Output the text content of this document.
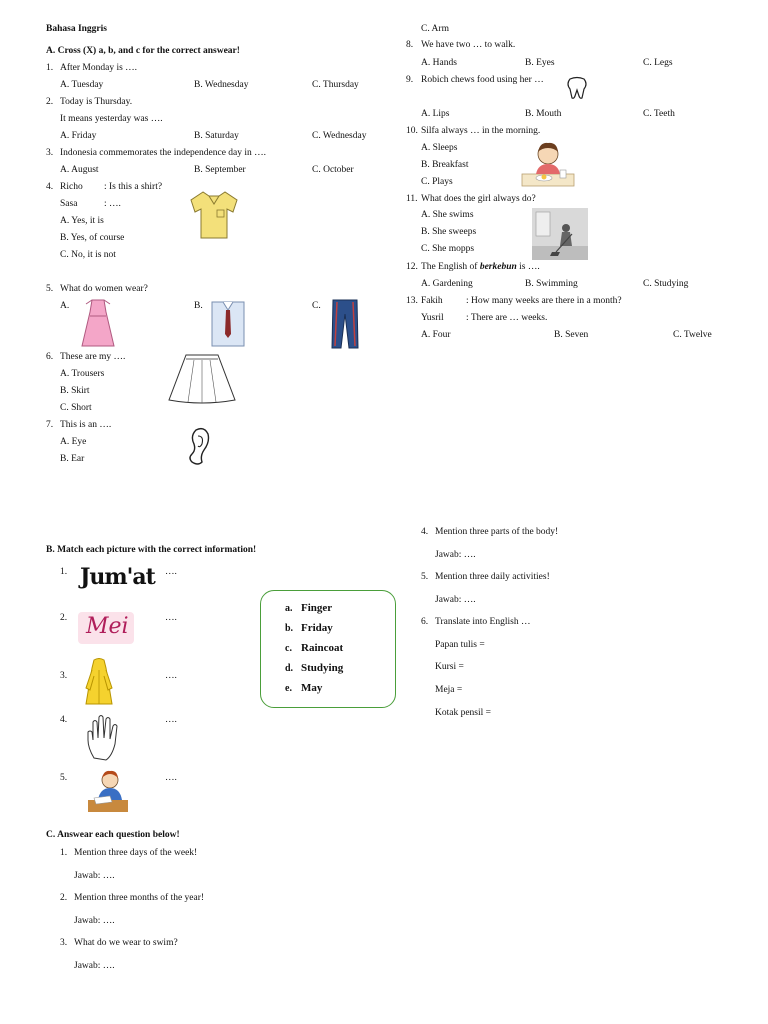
Bahasa Inggris
A. Cross (X) a, b, and c for the correct answear!
1. After Monday is ….
A. Tuesday	B. Wednesday	C. Thursday
2. Today is Thursday.
It means yesterday was ….
A. Friday	B. Saturday	C. Wednesday
3. Indonesia commemorates the independence day in ….
A. August	B. September	C. October
4. Richo : Is this a shirt?
Sasa	: ….
A. Yes, it is
B. Yes, of course
C. No, it is not
5. What do women wear?
A.	B.	C.
6. These are my ….
A. Trousers
B. Skirt
C. Short
7. This is an ….
A. Eye
B. Ear
C. Arm
8. We have two … to walk.
A. Hands	B. Eyes	C. Legs
9. Robich chews food using her …
A. Lips	B. Mouth	C. Teeth
10. Silfa always … in the morning.
A. Sleeps
B. Breakfast
C. Plays
11. What does the girl always do?
A. She swims
B. She sweeps
C. She mopps
12. The English of berkebun is ….
A. Gardening	B. Swimming	C. Studying
13. Fakih : How many weeks are there in a month?
Yusril : There are … weeks.
A. Four	B. Seven	C. Twelve
B. Match each picture with the correct information!
1. Jum'at ….
2. Mei	….
3.	….
4.	….
5.	….
a. Finger
b. Friday
c. Raincoat
d. Studying
e. May
C. Answear each question below!
1. Mention three days of the week!
Jawab: ….
2. Mention three months of the year!
Jawab: ….
3. What do we wear to swim?
Jawab: ….
4. Mention three parts of the body!
Jawab: ….
5. Mention three daily activities!
Jawab: ….
6. Translate into English …
Papan tulis =
Kursi =
Meja =
Kotak pensil =
